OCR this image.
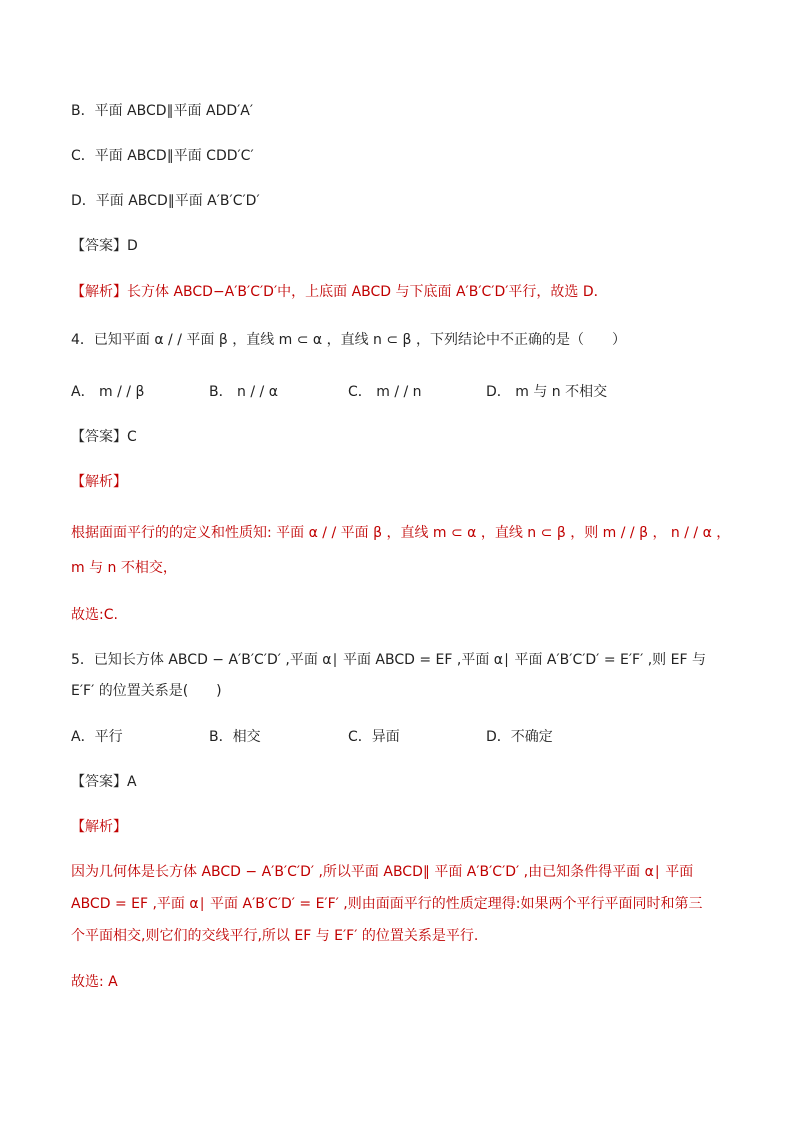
B．平面 ABCD∥平面 ADD′A′
C．平面 ABCD∥平面 CDD′C′
D．平面 ABCD∥平面 A′B′C′D′
【答案】D
【解析】长方体 ABCD−A′B′C′D′中，上底面 ABCD 与下底面 A′B′C′D′平行，故选 D．
4．已知平面 α / / 平面 β ，直线 m ⊂ α ，直线 n ⊂ β ，下列结论中不正确的是（　　）
A． m / / β	B． n / / α	C． m / / n	D． m 与 n 不相交
【答案】C
【解析】
根据面面平行的的定义和性质知: 平面 α / / 平面 β ，直线 m ⊂ α ，直线 n ⊂ β ，则 m / / β ， n / / α ，
m 与 n 不相交，
故选:C.
5．已知长方体 ABCD − A′B′C′D′ ,平面 α∣ 平面 ABCD = EF ,平面 α∣ 平面 A′B′C′D′ = E′F′ ,则 EF 与
E′F′ 的位置关系是(　　)
A．平行	B．相交	C．异面	D．不确定
【答案】A
【解析】
因为几何体是长方体 ABCD − A′B′C′D′ ,所以平面 ABCD∥ 平面 A′B′C′D′ ,由已知条件得平面 α∣ 平面
ABCD = EF ,平面 α∣ 平面 A′B′C′D′ = E′F′ ,则由面面平行的性质定理得:如果两个平行平面同时和第三
个平面相交,则它们的交线平行,所以 EF 与 E′F′ 的位置关系是平行.
故选: A
